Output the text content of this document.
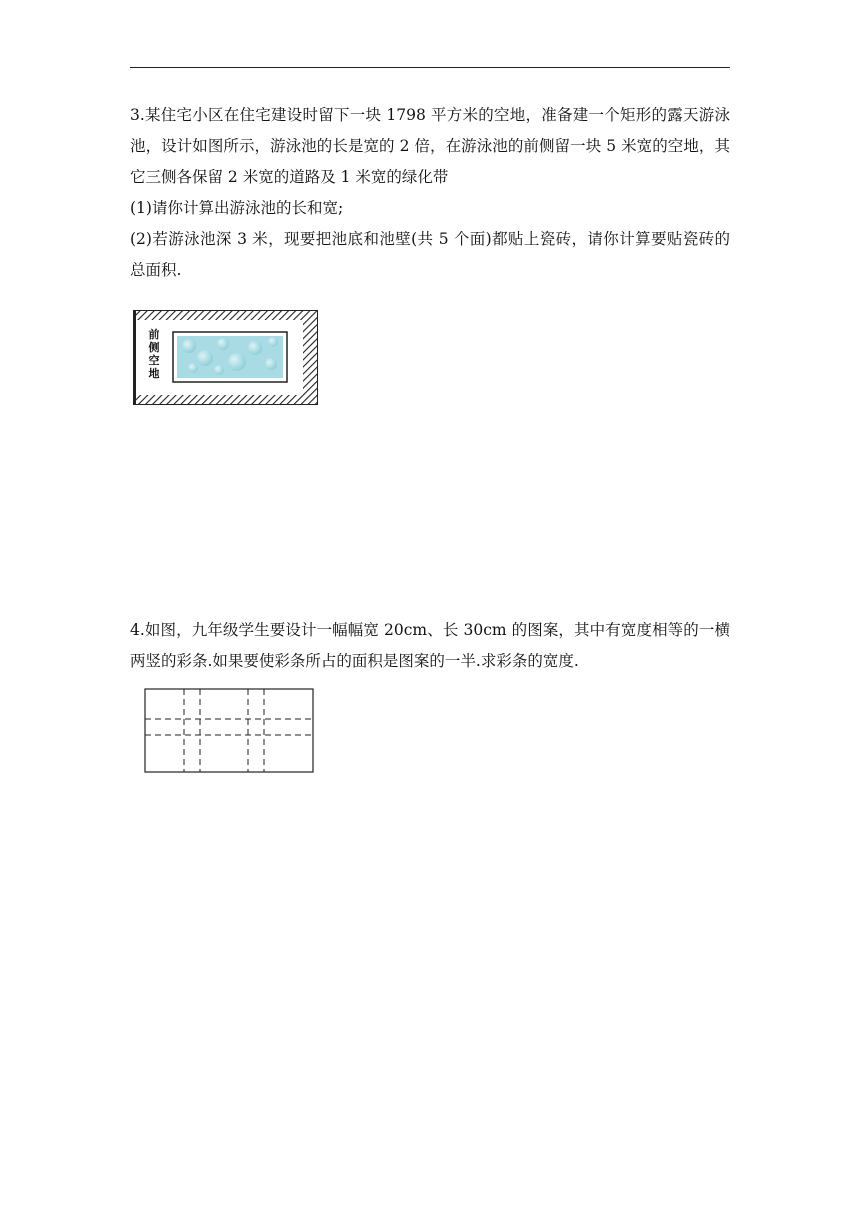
3.某住宅小区在住宅建设时留下一块 1798 平方米的空地，准备建一个矩形的露天游泳池，设计如图所示，游泳池的长是宽的 2 倍，在游泳池的前侧留一块 5 米宽的空地，其它三侧各保留 2 米宽的道路及 1 米宽的绿化带

(1)请你计算出游泳池的长和宽;

(2)若游泳池深 3 米，现要把池底和池壁(共 5 个面)都贴上瓷砖，请你计算要贴瓷砖的总面积.

前
侧
空
地

4.如图，九年级学生要设计一幅幅宽 20cm、长 30cm 的图案，其中有宽度相等的一横两竖的彩条.如果要使彩条所占的面积是图案的一半.求彩条的宽度.
